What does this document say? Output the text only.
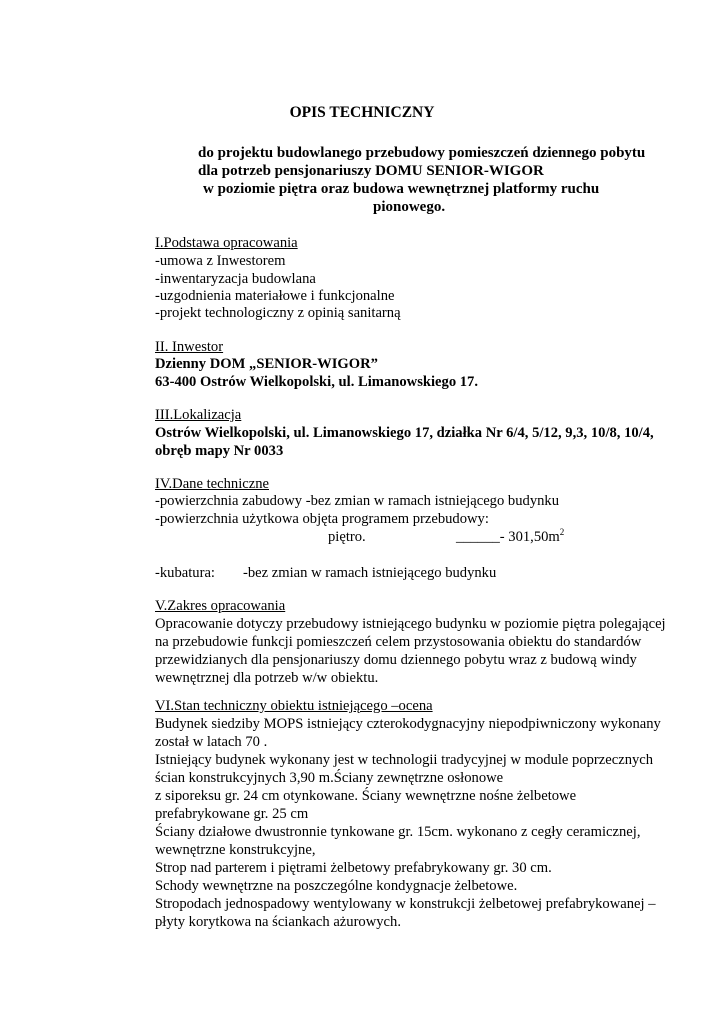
OPIS TECHNICZNY
do projektu budowlanego przebudowy pomieszczeń dziennego pobytu
dla potrzeb pensjonariuszy DOMU SENIOR-WIGOR
w poziomie piętra oraz budowa wewnętrznej platformy ruchu
pionowego.
I.Podstawa opracowania
-umowa z Inwestorem
-inwentaryzacja budowlana
-uzgodnienia materiałowe i funkcjonalne
-projekt technologiczny z opinią sanitarną
II. Inwestor
Dzienny DOM „SENIOR-WIGOR”
63-400 Ostrów Wielkopolski, ul. Limanowskiego 17.
III.Lokalizacja
Ostrów Wielkopolski, ul. Limanowskiego 17, działka Nr 6/4, 5/12, 9,3, 10/8, 10/4,
obręb mapy Nr 0033
IV.Dane techniczne
-powierzchnia zabudowy -bez zmian w ramach istniejącego budynku
-powierzchnia użytkowa objęta programem przebudowy:
piętro.	______- $301,50m^2$
-kubatura: -bez zmian w ramach istniejącego budynku
V.Zakres opracowania
Opracowanie dotyczy przebudowy istniejącego budynku w poziomie piętra polegającej
na przebudowie funkcji pomieszczeń celem przystosowania obiektu do standardów
przewidzianych dla pensjonariuszy domu dziennego pobytu wraz z budową windy
wewnętrznej dla potrzeb w/w obiektu.
VI.Stan techniczny obiektu istniejącego –ocena
Budynek siedziby MOPS istniejący czterokodygnacyjny niepodpiwniczony wykonany
został w latach 70 .
Istniejący budynek wykonany jest w technologii tradycyjnej w module poprzecznych
ścian konstrukcyjnych 3,90 m.Ściany zewnętrzne osłonowe
z siporeksu gr. 24 cm otynkowane. Ściany wewnętrzne nośne żelbetowe
prefabrykowane gr. 25 cm
Ściany działowe dwustronnie tynkowane gr. 15cm. wykonano z cegły ceramicznej,
wewnętrzne konstrukcyjne,
Strop nad parterem i piętrami żelbetowy prefabrykowany gr. 30 cm.
Schody wewnętrzne na poszczególne kondygnacje żelbetowe.
Stropodach jednospadowy wentylowany w konstrukcji żelbetowej prefabrykowanej –
płyty korytkowa na ściankach ażurowych.
